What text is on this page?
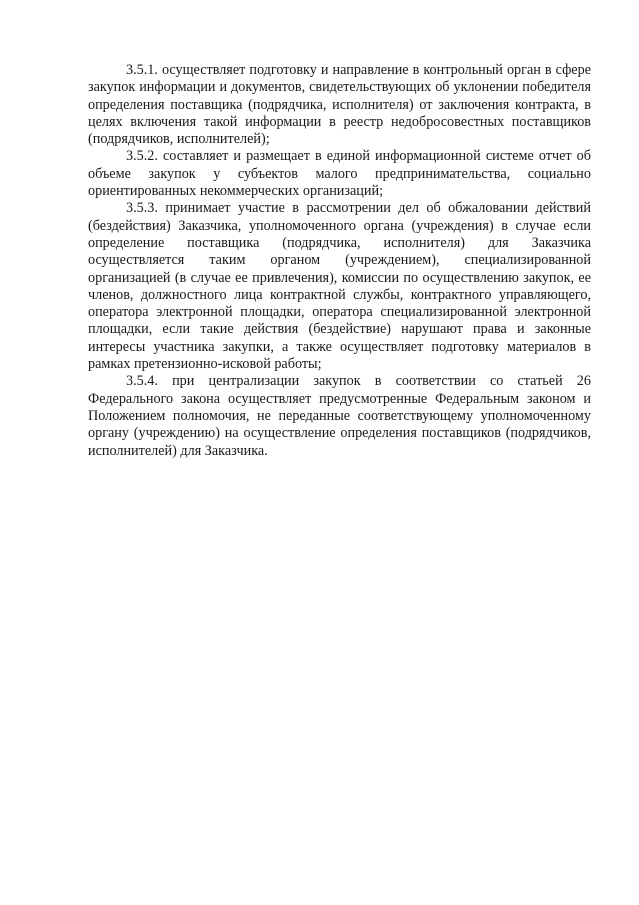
3.5.1. осуществляет подготовку и направление в контрольный орган в сфере закупок информации и документов, свидетельствующих об уклонении победителя определения поставщика (подрядчика, исполнителя) от заключения контракта, в целях включения такой информации в реестр недобросовестных поставщиков (подрядчиков, исполнителей);

3.5.2. составляет и размещает в единой информационной системе отчет об объеме закупок у субъектов малого предпринимательства, социально ориентированных некоммерческих организаций;

3.5.3. принимает участие в рассмотрении дел об обжаловании действий (бездействия) Заказчика, уполномоченного органа (учреждения) в случае если определение поставщика (подрядчика, исполнителя) для Заказчика осуществляется таким органом (учреждением), специализированной организацией (в случае ее привлечения), комиссии по осуществлению закупок, ее членов, должностного лица контрактной службы, контрактного управляющего, оператора электронной площадки, оператора специализированной электронной площадки, если такие действия (бездействие) нарушают права и законные интересы участника закупки, а также осуществляет подготовку материалов в рамках претензионно-исковой работы;

3.5.4. при централизации закупок в соответствии со статьей 26 Федерального закона осуществляет предусмотренные Федеральным законом и Положением полномочия, не переданные соответствующему уполномоченному органу (учреждению) на осуществление определения поставщиков (подрядчиков, исполнителей) для Заказчика.
